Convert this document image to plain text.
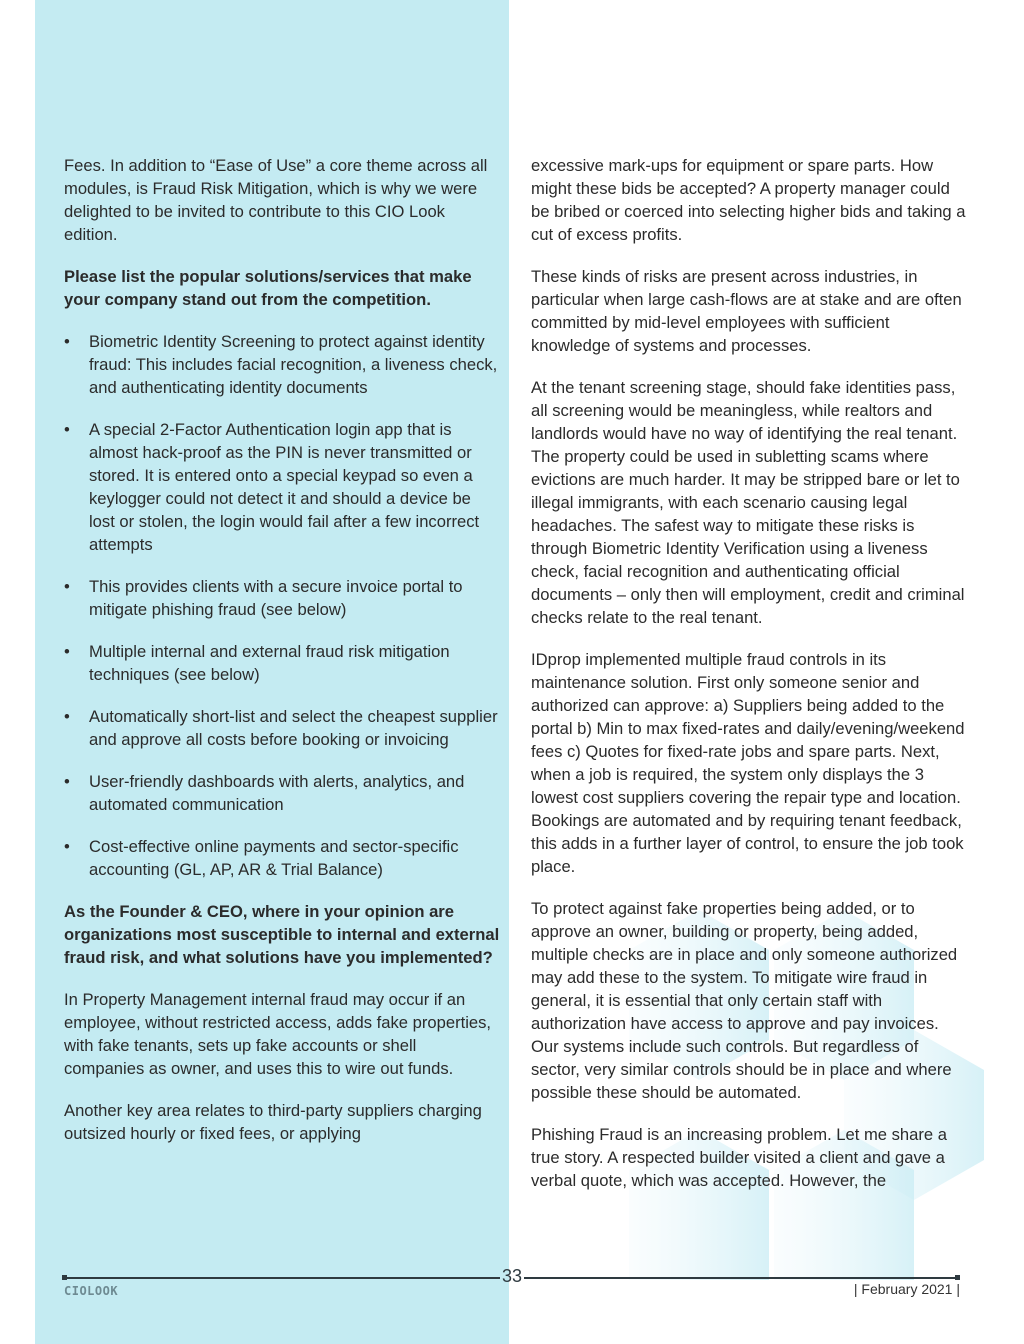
Fees. In addition to “Ease of Use” a core theme across all modules, is Fraud Risk Mitigation, which is why we were delighted to be invited to contribute to this CIO Look edition.

Please list the popular solutions/services that make your company stand out from the competition.

• Biometric Identity Screening to protect against identity fraud: This includes facial recognition, a liveness check, and authenticating identity documents
• A special 2-Factor Authentication login app that is almost hack-proof as the PIN is never transmitted or stored. It is entered onto a special keypad so even a keylogger could not detect it and should a device be lost or stolen, the login would fail after a few incorrect attempts
• This provides clients with a secure invoice portal to mitigate phishing fraud (see below)
• Multiple internal and external fraud risk mitigation techniques (see below)
• Automatically short-list and select the cheapest supplier and approve all costs before booking or invoicing
• User-friendly dashboards with alerts, analytics, and automated communication
• Cost-effective online payments and sector-specific accounting (GL, AP, AR & Trial Balance)

As the Founder & CEO, where in your opinion are organizations most susceptible to internal and external fraud risk, and what solutions have you implemented?

In Property Management internal fraud may occur if an employee, without restricted access, adds fake properties, with fake tenants, sets up fake accounts or shell companies as owner, and uses this to wire out funds.

Another key area relates to third-party suppliers charging outsized hourly or fixed fees, or applying

excessive mark-ups for equipment or spare parts. How might these bids be accepted? A property manager could be bribed or coerced into selecting higher bids and taking a cut of excess profits.

These kinds of risks are present across industries, in particular when large cash-flows are at stake and are often committed by mid-level employees with sufficient knowledge of systems and processes.

At the tenant screening stage, should fake identities pass, all screening would be meaningless, while realtors and landlords would have no way of identifying the real tenant. The property could be used in subletting scams where evictions are much harder. It may be stripped bare or let to illegal immigrants, with each scenario causing legal headaches. The safest way to mitigate these risks is through Biometric Identity Verification using a liveness check, facial recognition and authenticating official documents – only then will employment, credit and criminal checks relate to the real tenant.

IDprop implemented multiple fraud controls in its maintenance solution. First only someone senior and authorized can approve: a) Suppliers being added to the portal b) Min to max fixed-rates and daily/evening/weekend fees c) Quotes for fixed-rate jobs and spare parts. Next, when a job is required, the system only displays the 3 lowest cost suppliers covering the repair type and location. Bookings are automated and by requiring tenant feedback, this adds in a further layer of control, to ensure the job took place.

To protect against fake properties being added, or to approve an owner, building or property, being added, multiple checks are in place and only someone authorized may add these to the system. To mitigate wire fraud in general, it is essential that only certain staff with authorization have access to approve and pay invoices. Our systems include such controls. But regardless of sector, very similar controls should be in place and where possible these should be automated.

Phishing Fraud is an increasing problem. Let me share a true story. A respected builder visited a client and gave a verbal quote, which was accepted. However, the

33
CIOLOOK	| February 2021 |
